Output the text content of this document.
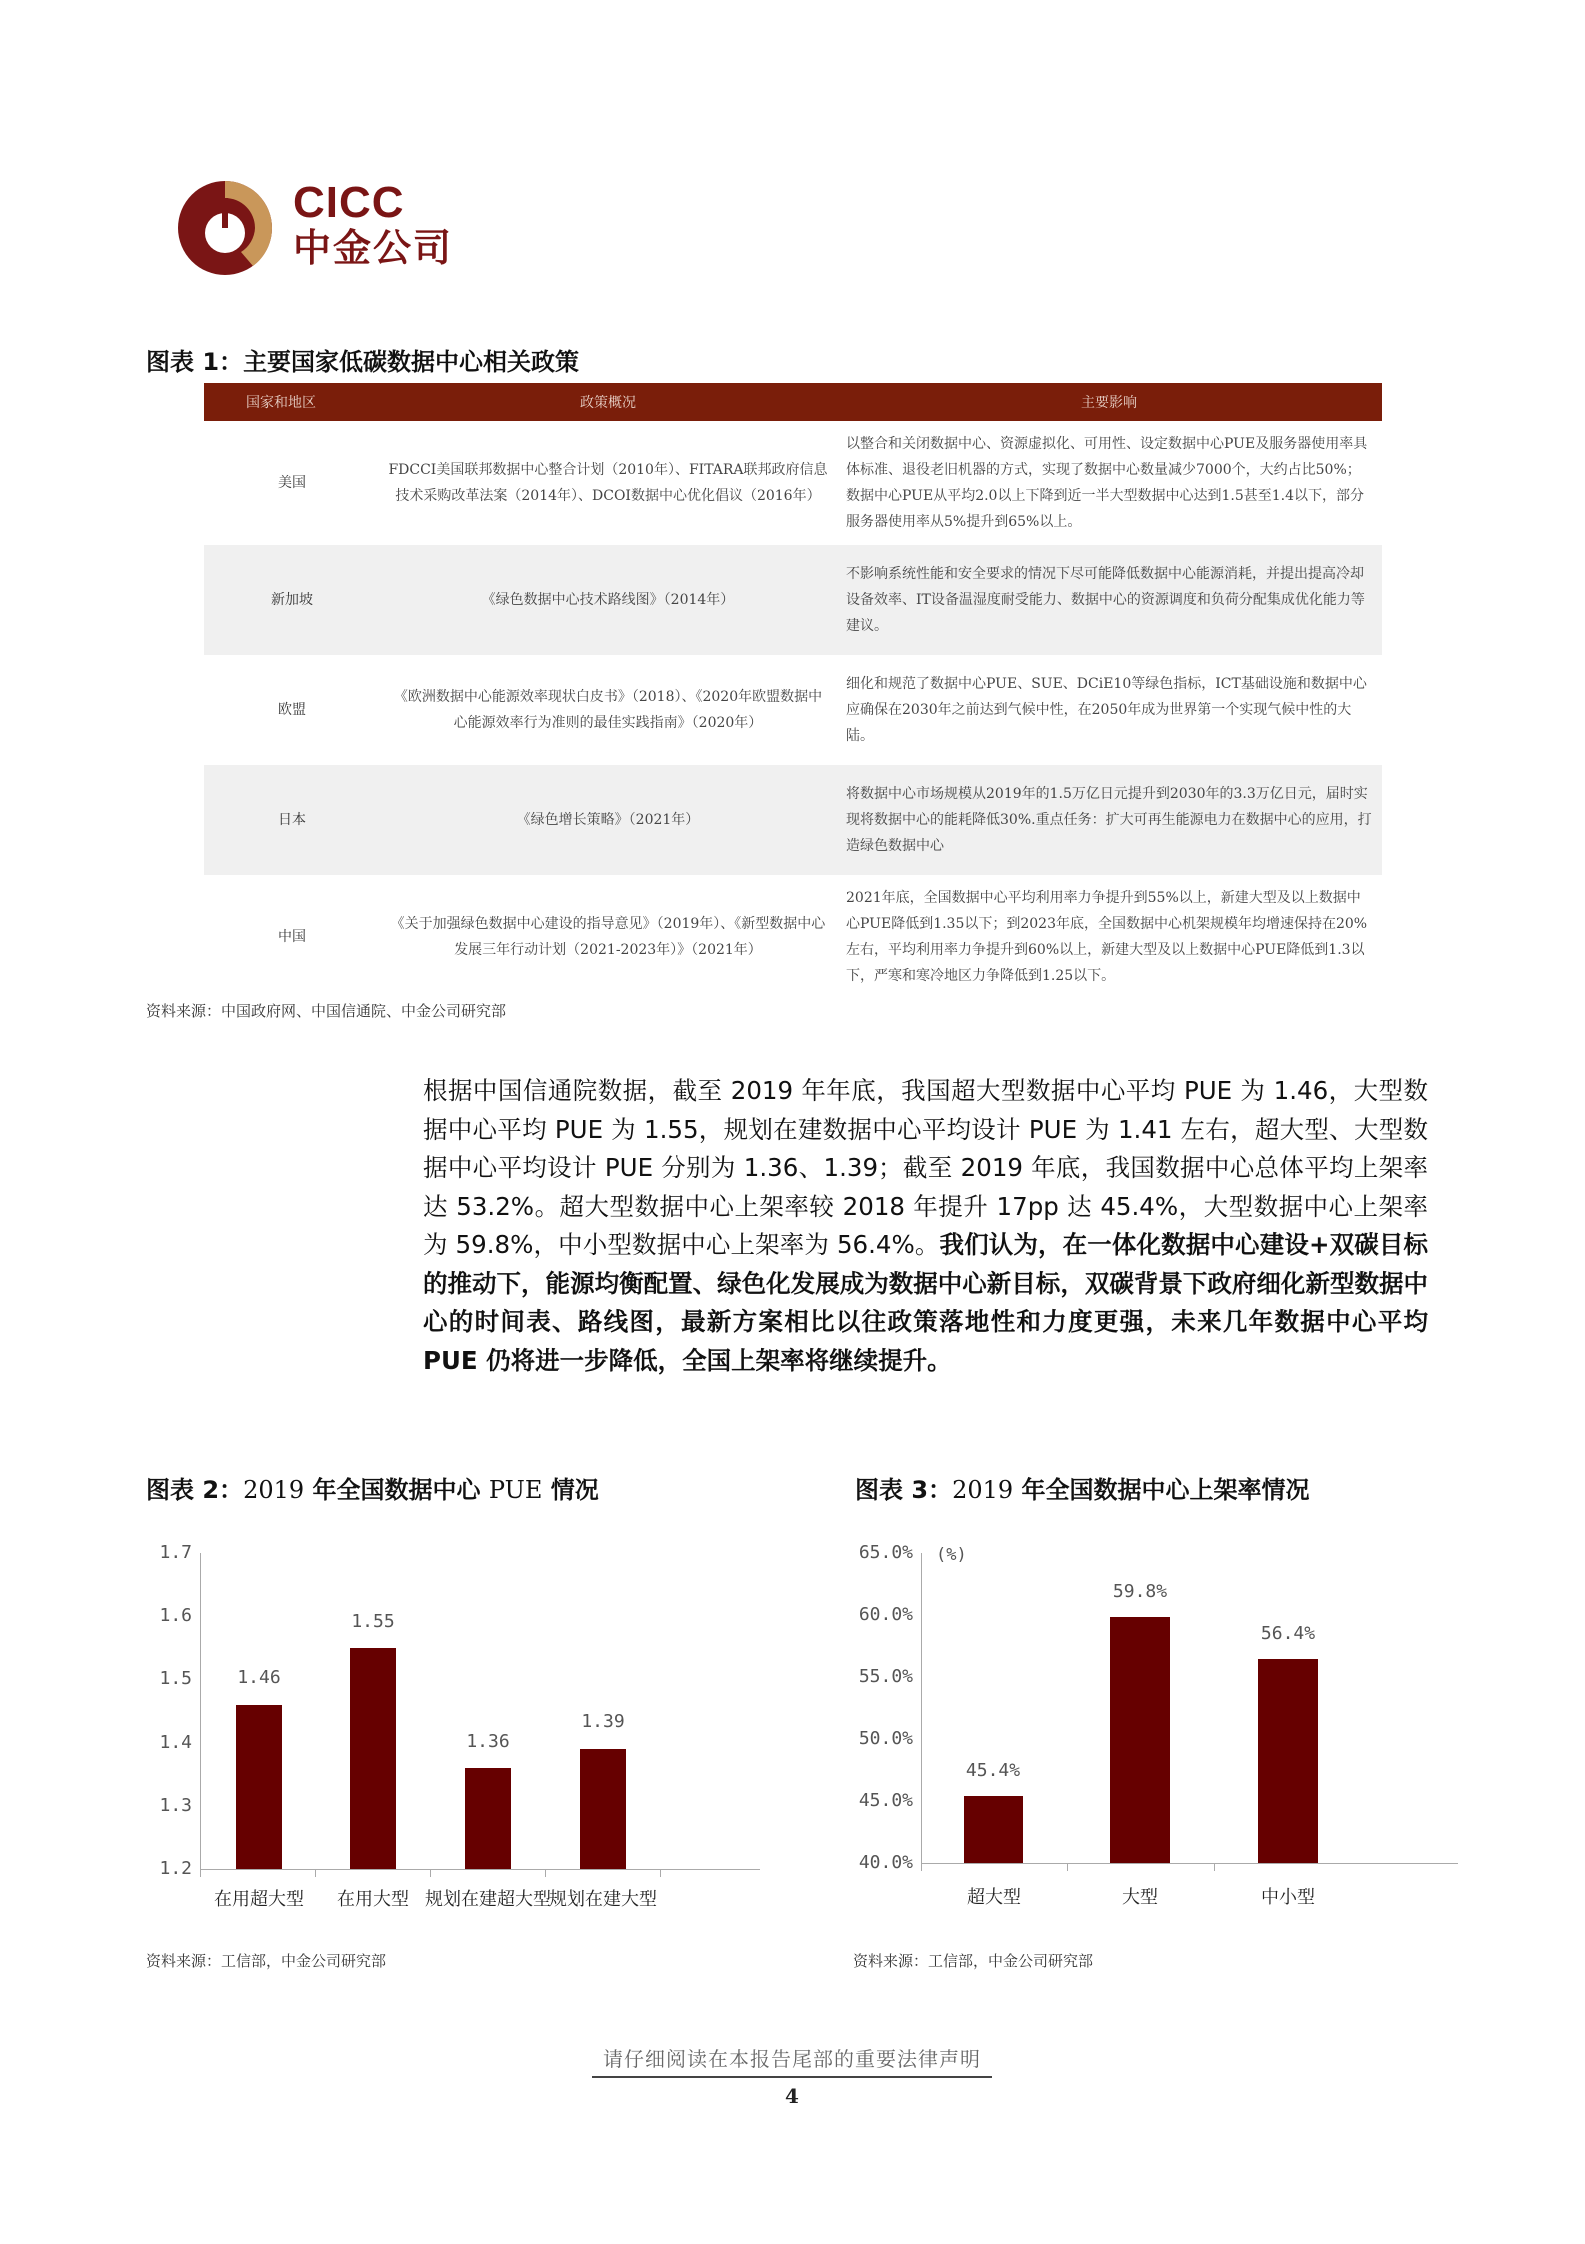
CICC
中金公司
图表 1：主要国家低碳数据中心相关政策
国家和地区	政策概况	主要影响
美国	FDCCI美国联邦数据中心整合计划（2010年）、FITARA联邦政府信息技术采购改革法案（2014年）、DCOI数据中心优化倡议（2016年）	以整合和关闭数据中心、资源虚拟化、可用性、设定数据中心PUE及服务器使用率具体标准、退役老旧机器的方式，实现了数据中心数量减少7000个，大约占比50%；数据中心PUE从平均2.0以上下降到近一半大型数据中心达到1.5甚至1.4以下，部分服务器使用率从5%提升到65%以上。
新加坡	《绿色数据中心技术路线图》（2014年）	不影响系统性能和安全要求的情况下尽可能降低数据中心能源消耗，并提出提高冷却设备效率、IT设备温湿度耐受能力、数据中心的资源调度和负荷分配集成优化能力等建议。
欧盟	《欧洲数据中心能源效率现状白皮书》（2018）、《2020年欧盟数据中心能源效率行为准则的最佳实践指南》（2020年）	细化和规范了数据中心PUE、SUE、DCiE10等绿色指标，ICT基础设施和数据中心应确保在2030年之前达到气候中性，在2050年成为世界第一个实现气候中性的大陆。
日本	《绿色增长策略》（2021年）	将数据中心市场规模从2019年的1.5万亿日元提升到2030年的3.3万亿日元，届时实现将数据中心的能耗降低30%.重点任务：扩大可再生能源电力在数据中心的应用，打造绿色数据中心
中国	《关于加强绿色数据中心建设的指导意见》（2019年）、《新型数据中心发展三年行动计划（2021-2023年）》（2021年）	2021年底，全国数据中心平均利用率力争提升到55%以上，新建大型及以上数据中心PUE降低到1.35以下；到2023年底，全国数据中心机架规模年均增速保持在20%左右，平均利用率力争提升到60%以上，新建大型及以上数据中心PUE降低到1.3以下，严寒和寒冷地区力争降低到1.25以下。
资料来源：中国政府网、中国信通院、中金公司研究部
根据中国信通院数据，截至 2019 年年底，我国超大型数据中心平均 PUE 为 1.46，大型数据中心平均 PUE 为 1.55，规划在建数据中心平均设计 PUE 为 1.41 左右，超大型、大型数据中心平均设计 PUE 分别为 1.36、1.39；截至 2019 年底，我国数据中心总体平均上架率达 53.2%。超大型数据中心上架率较 2018 年提升 17pp 达 45.4%，大型数据中心上架率为 59.8%，中小型数据中心上架率为 56.4%。我们认为，在一体化数据中心建设+双碳目标的推动下，能源均衡配置、绿色化发展成为数据中心新目标，双碳背景下政府细化新型数据中心的时间表、路线图，最新方案相比以往政策落地性和力度更强，未来几年数据中心平均 PUE 仍将进一步降低，全国上架率将继续提升。
图表 2：2019 年全国数据中心 PUE 情况
1.7
1.6
1.5
1.4
1.3
1.2
1.46
1.55
1.36
1.39
在用超大型	在用大型 规划在建超大型
规划在建大型
资料来源：工信部，中金公司研究部
图表 3：2019 年全国数据中心上架率情况
65.0%
60.0%
55.0%
50.0%
45.0%
40.0%
(%)
45.4%
59.8%
56.4%
超大型	大型	中小型
资料来源：工信部，中金公司研究部
请仔细阅读在本报告尾部的重要法律声明
4
